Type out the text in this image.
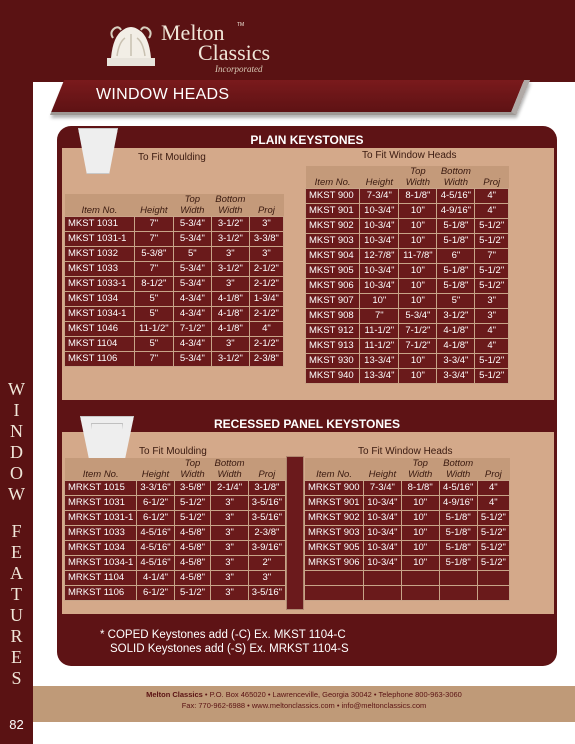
W
I
N
D
O
W
F
E
A
T
U
R
E
S
82
Melton TM
Classics
Incorporated
WINDOW HEADS
PLAIN KEYSTONES
To Fit Moulding	To Fit Window Heads
Item No.	Height	Top Width	Bottom Width	Proj
MKST 1031	7"	5-3/4"	3-1/2"	3"
MKST 1031-1	7"	5-3/4"	3-1/2"	3-3/8"
MKST 1032	5-3/8"	5"	3"	3"
MKST 1033	7"	5-3/4"	3-1/2"	2-1/2"
MKST 1033-1	8-1/2"	5-3/4"	3"	2-1/2"
MKST 1034	5"	4-3/4"	4-1/8"	1-3/4"
MKST 1034-1	5"	4-3/4"	4-1/8"	2-1/2"
MKST 1046	11-1/2"	7-1/2"	4-1/8"	4"
MKST 1104	5"	4-3/4"	3"	2-1/2"
MKST 1106	7"	5-3/4"	3-1/2"	2-3/8"
Item No.	Height	Top Width	Bottom Width	Proj
MKST 900	7-3/4"	8-1/8"	4-5/16"	4"
MKST 901	10-3/4"	10"	4-9/16"	4"
MKST 902	10-3/4"	10"	5-1/8"	5-1/2"
MKST 903	10-3/4"	10"	5-1/8"	5-1/2"
MKST 904	12-7/8"	11-7/8"	6"	7"
MKST 905	10-3/4"	10"	5-1/8"	5-1/2"
MKST 906	10-3/4"	10"	5-1/8"	5-1/2"
MKST 907	10"	10"	5"	3"
MKST 908	7"	5-3/4"	3-1/2"	3"
MKST 912	11-1/2"	7-1/2"	4-1/8"	4"
MKST 913	11-1/2"	7-1/2"	4-1/8"	4"
MKST 930	13-3/4"	10"	3-3/4"	5-1/2"
MKST 940	13-3/4"	10"	3-3/4"	5-1/2"
RECESSED PANEL KEYSTONES
To Fit Moulding	To Fit Window Heads
Item No.	Height	Top Width	Bottom Width	Proj
MRKST 1015	3-3/16"	3-5/8"	2-1/4"	3-1/8"
MRKST 1031	6-1/2"	5-1/2"	3"	3-5/16"
MRKST 1031-1	6-1/2"	5-1/2"	3"	3-5/16"
MRKST 1033	4-5/16"	4-5/8"	3"	2-3/8"
MRKST 1034	4-5/16"	4-5/8"	3"	3-9/16"
MRKST 1034-1	4-5/16"	4-5/8"	3"	2"
MRKST 1104	4-1/4"	4-5/8"	3"	3"
MRKST 1106	6-1/2"	5-1/2"	3"	3-5/16"
Item No.	Height	Top Width	Bottom Width	Proj
MRKST 900	7-3/4"	8-1/8"	4-5/16"	4"
MRKST 901	10-3/4"	10"	4-9/16"	4"
MRKST 902	10-3/4"	10"	5-1/8"	5-1/2"
MRKST 903	10-3/4"	10"	5-1/8"	5-1/2"
MRKST 905	10-3/4"	10"	5-1/8"	5-1/2"
MRKST 906	10-3/4"	10"	5-1/8"	5-1/2"

* COPED Keystones add (-C) Ex. MKST 1104-C
SOLID Keystones add (-S) Ex. MRKST 1104-S
Melton Classics • P.O. Box 465020 • Lawrenceville, Georgia 30042 • Telephone 800-963-3060
Fax: 770-962-6988 • www.meltonclassics.com • info@meltonclassics.com
